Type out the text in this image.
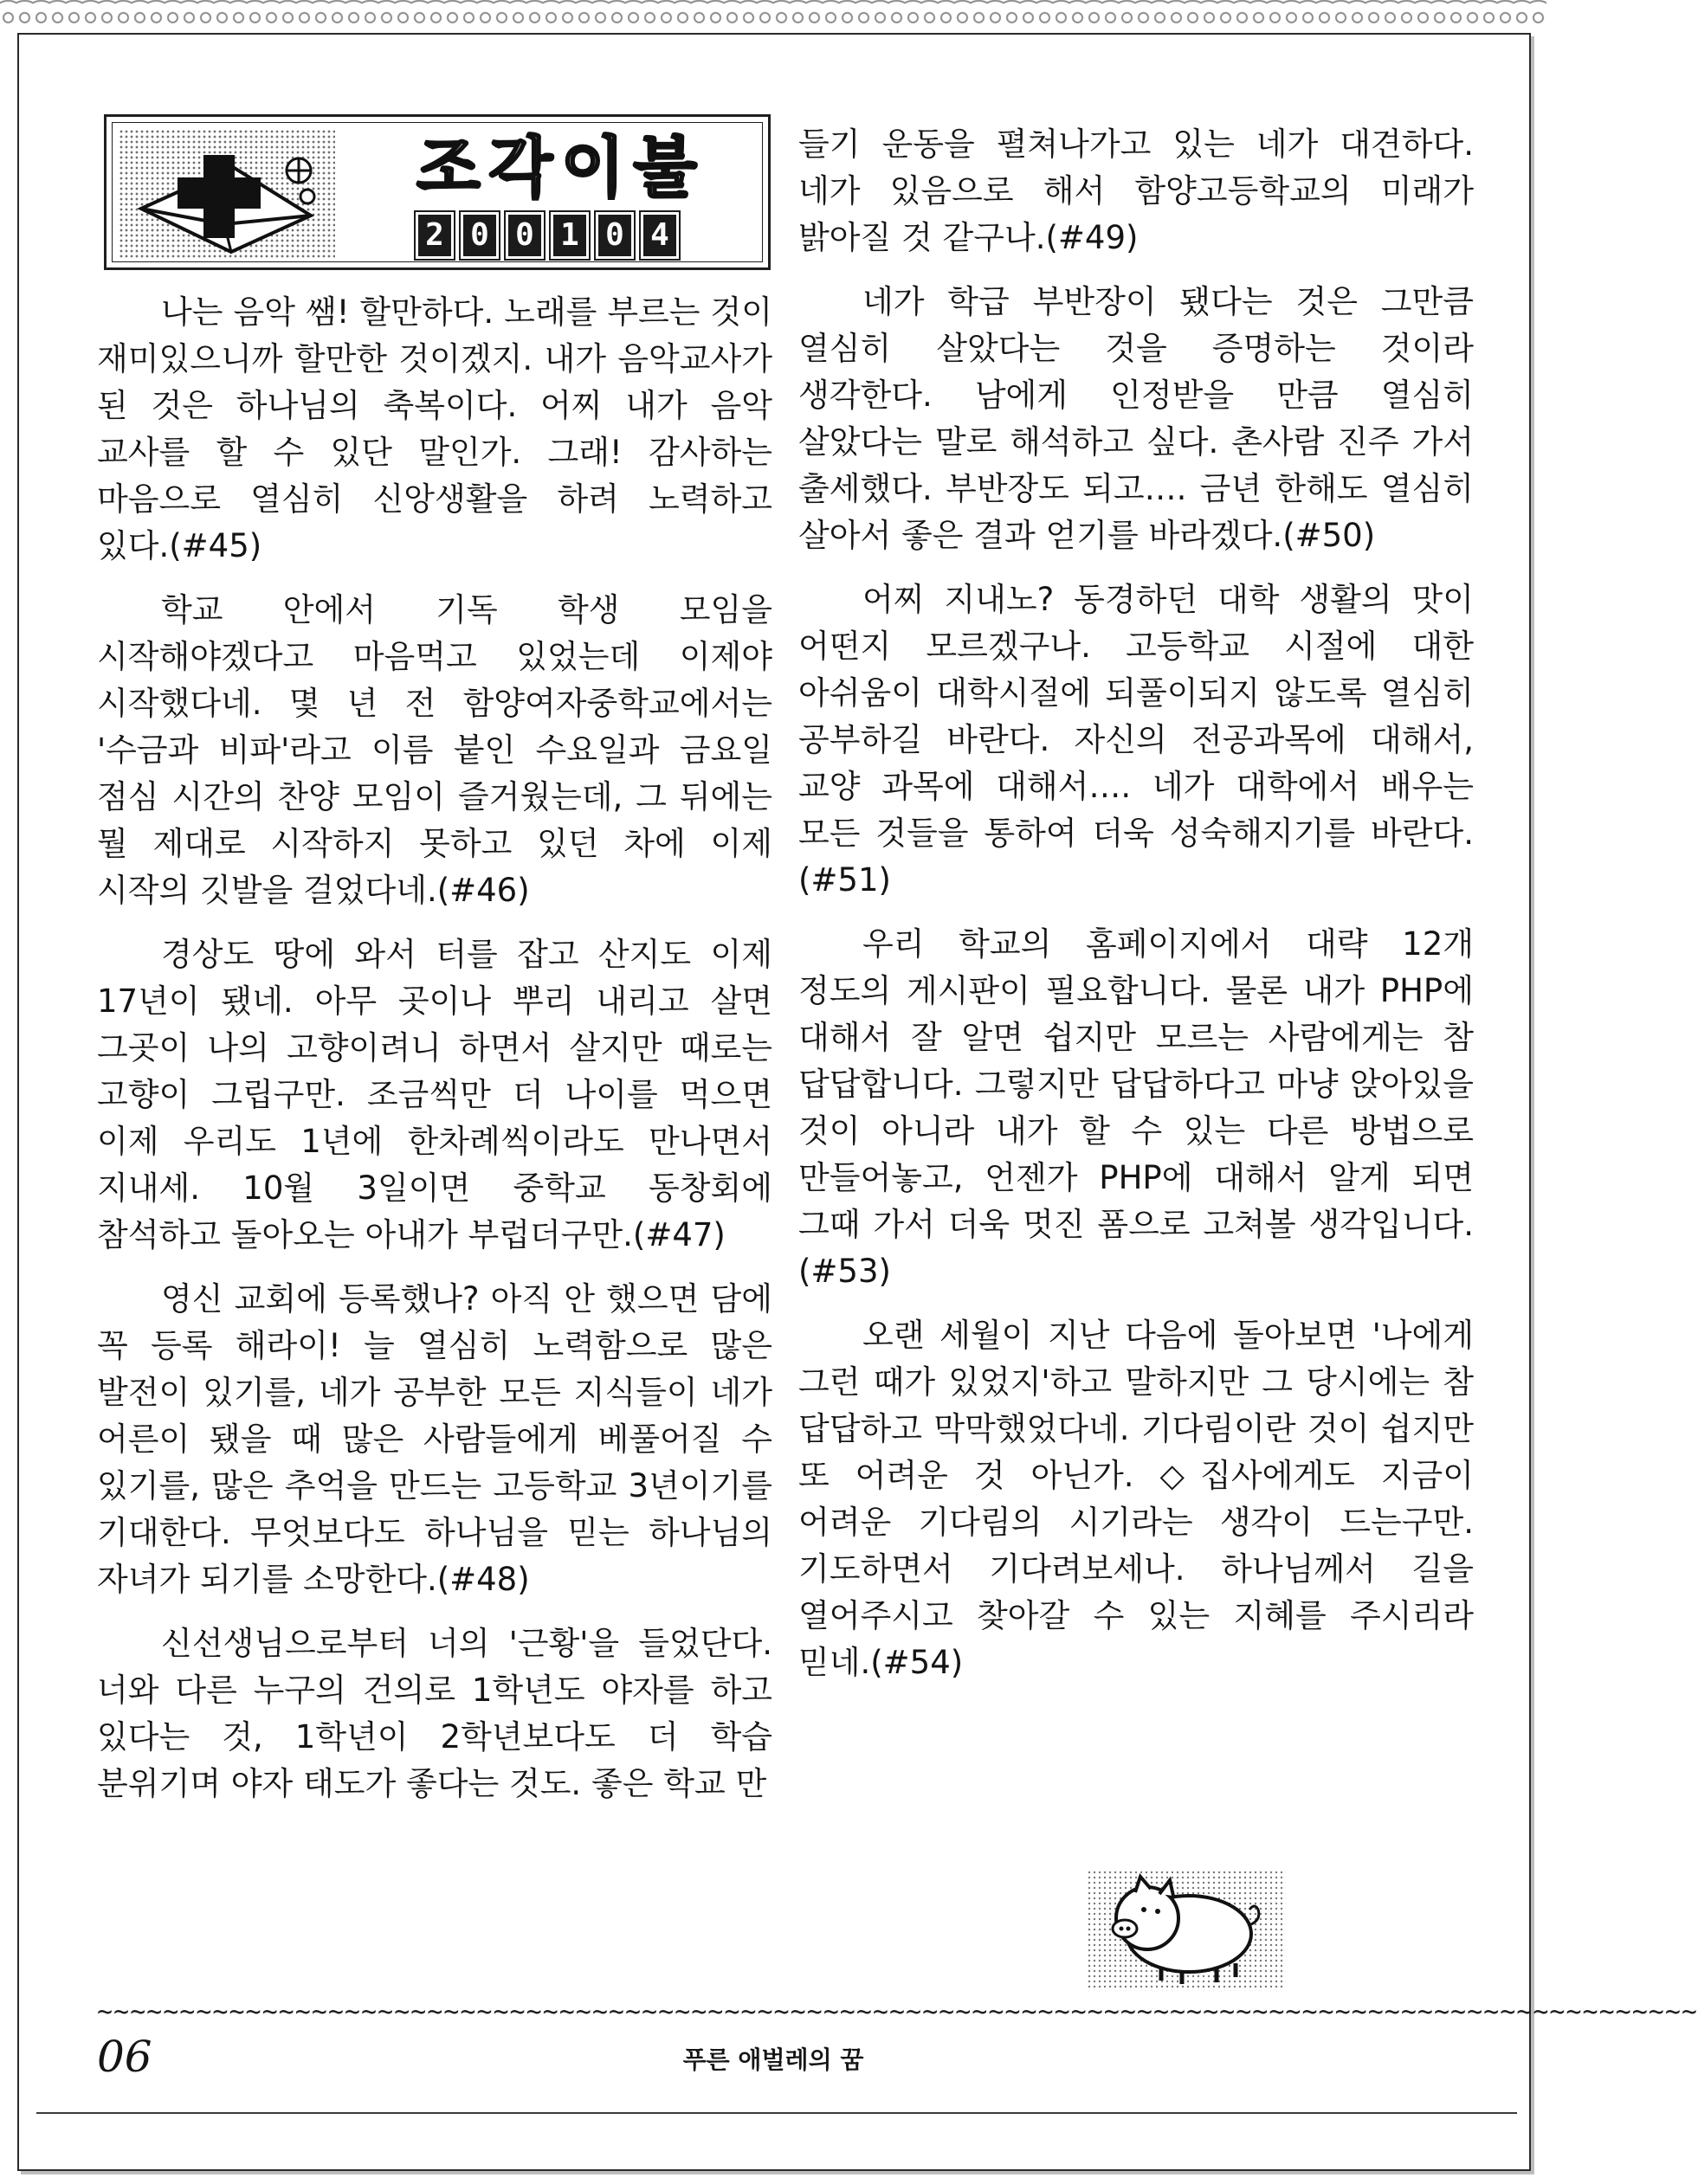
조각이불
2 0 0 1 0 4

나는 음악 쌤! 할만하다. 노래를 부르는 것이 재미있으니까 할만한 것이겠지. 내가 음악교사가 된 것은 하나님의 축복이다. 어찌 내가 음악 교사를 할 수 있단 말인가. 그래! 감사하는 마음으로 열심히 신앙생활을 하려 노력하고 있다.(#45)

학교 안에서 기독 학생 모임을 시작해야겠다고 마음먹고 있었는데 이제야 시작했다네. 몇 년 전 함양여자중학교에서는 '수금과 비파'라고 이름 붙인 수요일과 금요일 점심 시간의 찬양 모임이 즐거웠는데, 그 뒤에는 뭘 제대로 시작하지 못하고 있던 차에 이제 시작의 깃발을 걸었다네.(#46)

경상도 땅에 와서 터를 잡고 산지도 이제 17년이 됐네. 아무 곳이나 뿌리 내리고 살면 그곳이 나의 고향이려니 하면서 살지만 때로는 고향이 그립구만. 조금씩만 더 나이를 먹으면 이제 우리도 1년에 한차례씩이라도 만나면서 지내세. 10월 3일이면 중학교 동창회에 참석하고 돌아오는 아내가 부럽더구만.(#47)

영신 교회에 등록했나? 아직 안 했으면 담에 꼭 등록 해라이! 늘 열심히 노력함으로 많은 발전이 있기를, 네가 공부한 모든 지식들이 네가 어른이 됐을 때 많은 사람들에게 베풀어질 수 있기를, 많은 추억을 만드는 고등학교 3년이기를 기대한다. 무엇보다도 하나님을 믿는 하나님의 자녀가 되기를 소망한다.(#48)

신선생님으로부터 너의 '근황'을 들었단다. 너와 다른 누구의 건의로 1학년도 야자를 하고 있다는 것, 1학년이 2학년보다도 더 학습 분위기며 야자 태도가 좋다는 것도. 좋은 학교 만

들기 운동을 펼쳐나가고 있는 네가 대견하다. 네가 있음으로 해서 함양고등학교의 미래가 밝아질 것 같구나.(#49)

네가 학급 부반장이 됐다는 것은 그만큼 열심히 살았다는 것을 증명하는 것이라 생각한다. 남에게 인정받을 만큼 열심히 살았다는 말로 해석하고 싶다. 촌사람 진주 가서 출세했다. 부반장도 되고…. 금년 한해도 열심히 살아서 좋은 결과 얻기를 바라겠다.(#50)

어찌 지내노? 동경하던 대학 생활의 맛이 어떤지 모르겠구나. 고등학교 시절에 대한 아쉬움이 대학시절에 되풀이되지 않도록 열심히 공부하길 바란다. 자신의 전공과목에 대해서, 교양 과목에 대해서…. 네가 대학에서 배우는 모든 것들을 통하여 더욱 성숙해지기를 바란다.(#51)

우리 학교의 홈페이지에서 대략 12개 정도의 게시판이 필요합니다. 물론 내가 PHP에 대해서 잘 알면 쉽지만 모르는 사람에게는 참 답답합니다. 그렇지만 답답하다고 마냥 앉아있을 것이 아니라 내가 할 수 있는 다른 방법으로 만들어놓고, 언젠가 PHP에 대해서 알게 되면 그때 가서 더욱 멋진 폼으로 고쳐볼 생각입니다.(#53)

오랜 세월이 지난 다음에 돌아보면 '나에게 그런 때가 있었지'하고 말하지만 그 당시에는 참 답답하고 막막했었다네. 기다림이란 것이 쉽지만 또 어려운 것 아닌가. ◇집사에게도 지금이 어려운 기다림의 시기라는 생각이 드는구만. 기도하면서 기다려보세나. 하나님께서 길을 열어주시고 찾아갈 수 있는 지혜를 주시리라 믿네.(#54)

~~~~~~~~~~~~~~~~~~~~~~~~~~~~~~~~~~~~~~~~~~~~~~~~~~~~~~~~~~~~~~~~~~~~~~~~~~~~~~~~~~~~~~~~~~~~~~~~~
06	푸른 애벌레의 꿈
